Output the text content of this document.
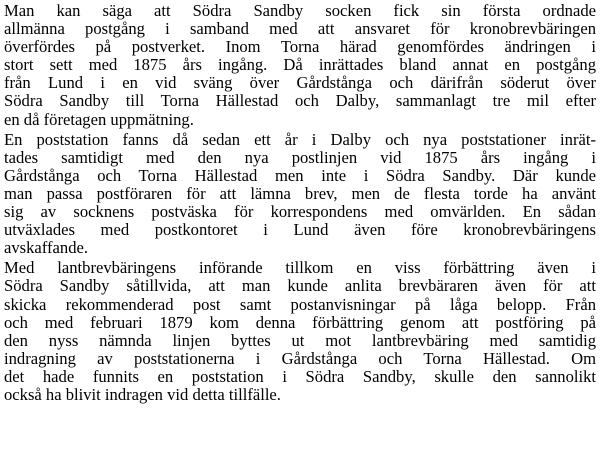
Man kan säga att Södra Sandby socken fick sin första ordnade
allmänna postgång i samband med att ansvaret för kronobrevbäringen
överfördes på postverket. Inom Torna härad genomfördes ändringen i
stort sett med 1875 års ingång. Då inrättades bland annat en postgång
från Lund i en vid sväng över Gårdstånga och därifrån söderut över
Södra Sandby till Torna Hällestad och Dalby, sammanlagt tre mil efter
en då företagen uppmätning.

En poststation fanns då sedan ett år i Dalby och nya poststationer inrät-
tades samtidigt med den nya postlinjen vid 1875 års ingång i
Gårdstånga och Torna Hällestad men inte i Södra Sandby. Där kunde
man passa postföraren för att lämna brev, men de flesta torde ha använt
sig av socknens postväska för korrespondens med omvärlden. En sådan
utväxlades med postkontoret i Lund även före kronobrevbäringens
avskaffande.

Med lantbrevbäringens införande tillkom en viss förbättring även i
Södra Sandby såtillvida, att man kunde anlita brevbäraren även för att
skicka rekommenderad post samt postanvisningar på låga belopp. Från
och med februari 1879 kom denna förbättring genom att postföring på
den nyss nämnda linjen byttes ut mot lantbrevbäring med samtidig
indragning av poststationerna i Gårdstånga och Torna Hällestad. Om
det hade funnits en poststation i Södra Sandby, skulle den sannolikt
också ha blivit indragen vid detta tillfälle.
